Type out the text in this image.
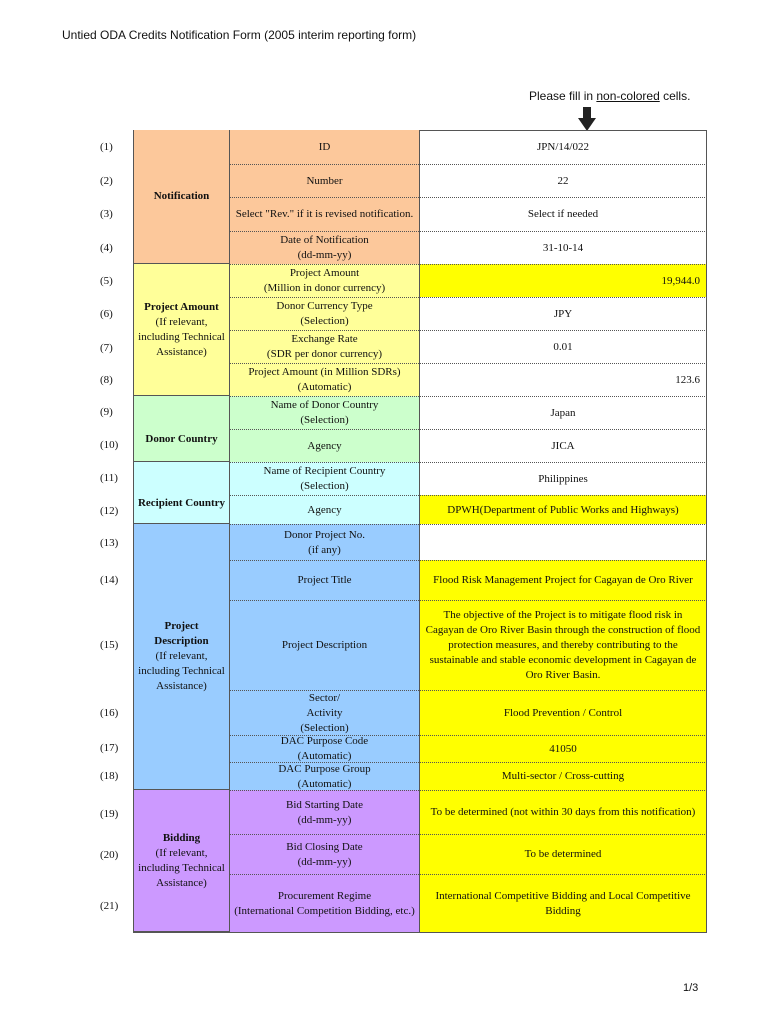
Untied ODA Credits Notification Form (2005 interim reporting form)
Please fill in non-colored cells.
Notification
Project Amount
(If relevant, including Technical Assistance)
Donor Country
Recipient Country
Project Description
(If relevant, including Technical Assistance)
Bidding
(If relevant, including Technical Assistance)
(1)
(2)
(3)
(4)
(5)
(6)
(7)
(8)
(9)
(10)
(11)
(12)
(13)
(14)
(15)
(16)
(17)
(18)
(19)
(20)
(21)
ID
Number
Select "Rev." if it is revised notification.
Date of Notification
(dd-mm-yy)
Project Amount
(Million in donor currency)
Donor Currency Type
(Selection)
Exchange Rate
(SDR per donor currency)
Project Amount (in Million SDRs)
(Automatic)
Name of Donor Country
(Selection)
Agency
Name of Recipient Country
(Selection)
Agency
Donor Project No.
(if any)
Project Title
Project Description
Sector/ Activity
(Selection)
DAC Purpose Code
(Automatic)
DAC Purpose Group
(Automatic)
Bid Starting Date
(dd-mm-yy)
Bid Closing Date
(dd-mm-yy)
Procurement Regime
(International Competition Bidding, etc.)
JPN/14/022
22
Select if needed
31-10-14
19,944.0
JPY
0.01
123.6
Japan
JICA
Philippines
DPWH(Department of Public Works and Highways)
Flood Risk Management Project for Cagayan de Oro River
The objective of the Project is to mitigate flood risk in Cagayan de Oro River Basin through the construction of flood protection measures, and thereby contributing to the sustainable and stable economic development in Cagayan de Oro River Basin.
Flood Prevention / Control
41050
Multi-sector / Cross-cutting
To be determined (not within 30 days from this notification)
To be determined
International Competitive Bidding and Local Competitive Bidding
1/3
